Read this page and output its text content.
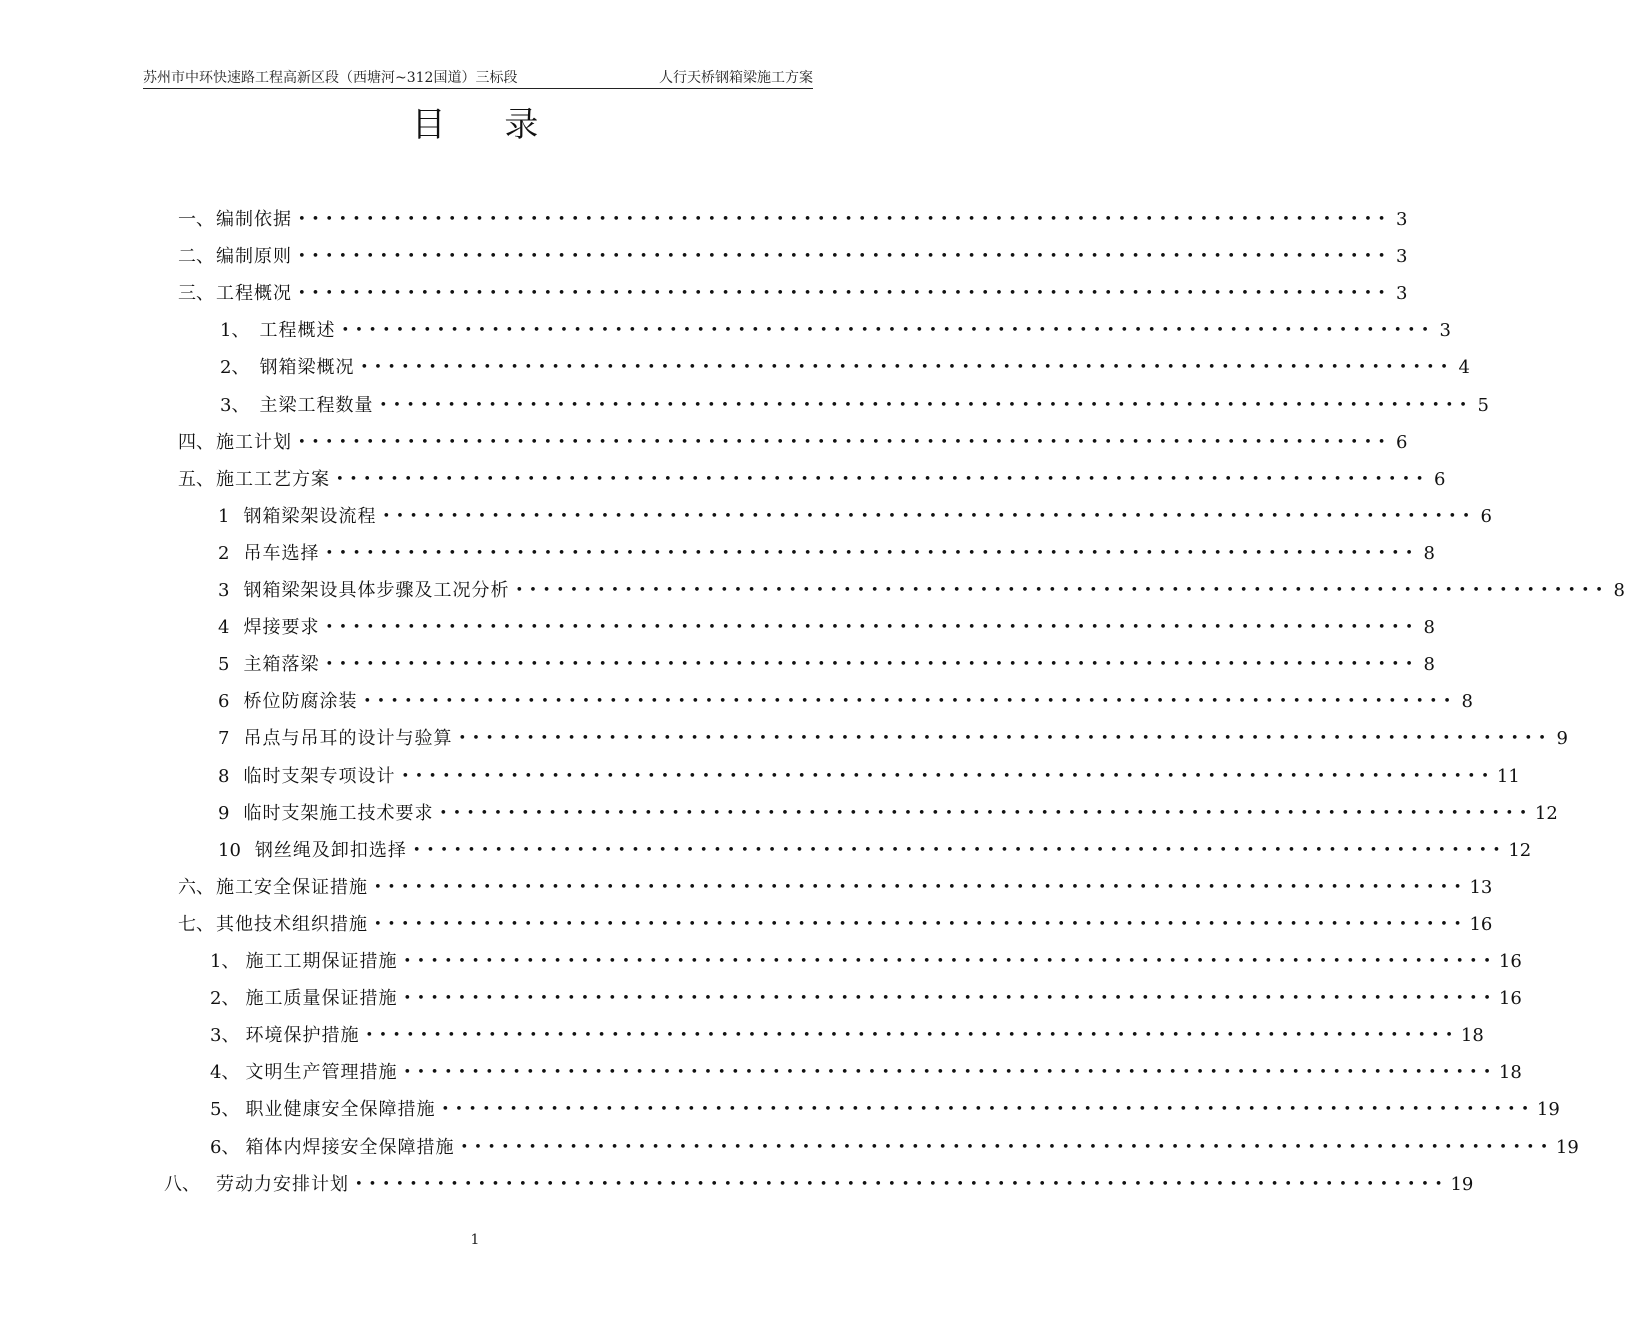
苏州市中环快速路工程高新区段（西塘河~312国道）三标段	人行天桥钢箱梁施工方案
目 录
一、 编制依据 •••••••••••••••••••••••••••••••••••••••••••••••••••••••••••••••••••••••••••••••• 3
二、 编制原则 •••••••••••••••••••••••••••••••••••••••••••••••••••••••••••••••••••••••••••••••• 3
三、 工程概况 •••••••••••••••••••••••••••••••••••••••••••••••••••••••••••••••••••••••••••••••• 3
1、 工程概述 •••••••••••••••••••••••••••••••••••••••••••••••••••••••••••••••••••••••••••••••• 3
2、 钢箱梁概况 •••••••••••••••••••••••••••••••••••••••••••••••••••••••••••••••••••••••••••••••• 4
3、 主梁工程数量 •••••••••••••••••••••••••••••••••••••••••••••••••••••••••••••••••••••••••••••••• 5
四、 施工计划 •••••••••••••••••••••••••••••••••••••••••••••••••••••••••••••••••••••••••••••••• 6
五、 施工工艺方案 •••••••••••••••••••••••••••••••••••••••••••••••••••••••••••••••••••••••••••••••• 6
1 钢箱梁架设流程 •••••••••••••••••••••••••••••••••••••••••••••••••••••••••••••••••••••••••••••••• 6
2 吊车选择 •••••••••••••••••••••••••••••••••••••••••••••••••••••••••••••••••••••••••••••••• 8
3 钢箱梁架设具体步骤及工况分析 •••••••••••••••••••••••••••••••••••••••••••••••••••••••••••••••••••••••••••••••• 8
4 焊接要求 •••••••••••••••••••••••••••••••••••••••••••••••••••••••••••••••••••••••••••••••• 8
5 主箱落梁 •••••••••••••••••••••••••••••••••••••••••••••••••••••••••••••••••••••••••••••••• 8
6 桥位防腐涂装 •••••••••••••••••••••••••••••••••••••••••••••••••••••••••••••••••••••••••••••••• 8
7 吊点与吊耳的设计与验算 •••••••••••••••••••••••••••••••••••••••••••••••••••••••••••••••••••••••••••••••• 9
8 临时支架专项设计 •••••••••••••••••••••••••••••••••••••••••••••••••••••••••••••••••••••••••••••••• 11
9 临时支架施工技术要求 •••••••••••••••••••••••••••••••••••••••••••••••••••••••••••••••••••••••••••••••• 12
10 钢丝绳及卸扣选择 •••••••••••••••••••••••••••••••••••••••••••••••••••••••••••••••••••••••••••••••• 12
六、 施工安全保证措施 •••••••••••••••••••••••••••••••••••••••••••••••••••••••••••••••••••••••••••••••• 13
七、 其他技术组织措施 •••••••••••••••••••••••••••••••••••••••••••••••••••••••••••••••••••••••••••••••• 16
1、 施工工期保证措施 •••••••••••••••••••••••••••••••••••••••••••••••••••••••••••••••••••••••••••••••• 16
2、 施工质量保证措施 •••••••••••••••••••••••••••••••••••••••••••••••••••••••••••••••••••••••••••••••• 16
3、 环境保护措施 •••••••••••••••••••••••••••••••••••••••••••••••••••••••••••••••••••••••••••••••• 18
4、 文明生产管理措施 •••••••••••••••••••••••••••••••••••••••••••••••••••••••••••••••••••••••••••••••• 18
5、 职业健康安全保障措施 •••••••••••••••••••••••••••••••••••••••••••••••••••••••••••••••••••••••••••••••• 19
6、 箱体内焊接安全保障措施 •••••••••••••••••••••••••••••••••••••••••••••••••••••••••••••••••••••••••••••••• 19
八、 劳动力安排计划 •••••••••••••••••••••••••••••••••••••••••••••••••••••••••••••••••••••••••••••••• 19
1
